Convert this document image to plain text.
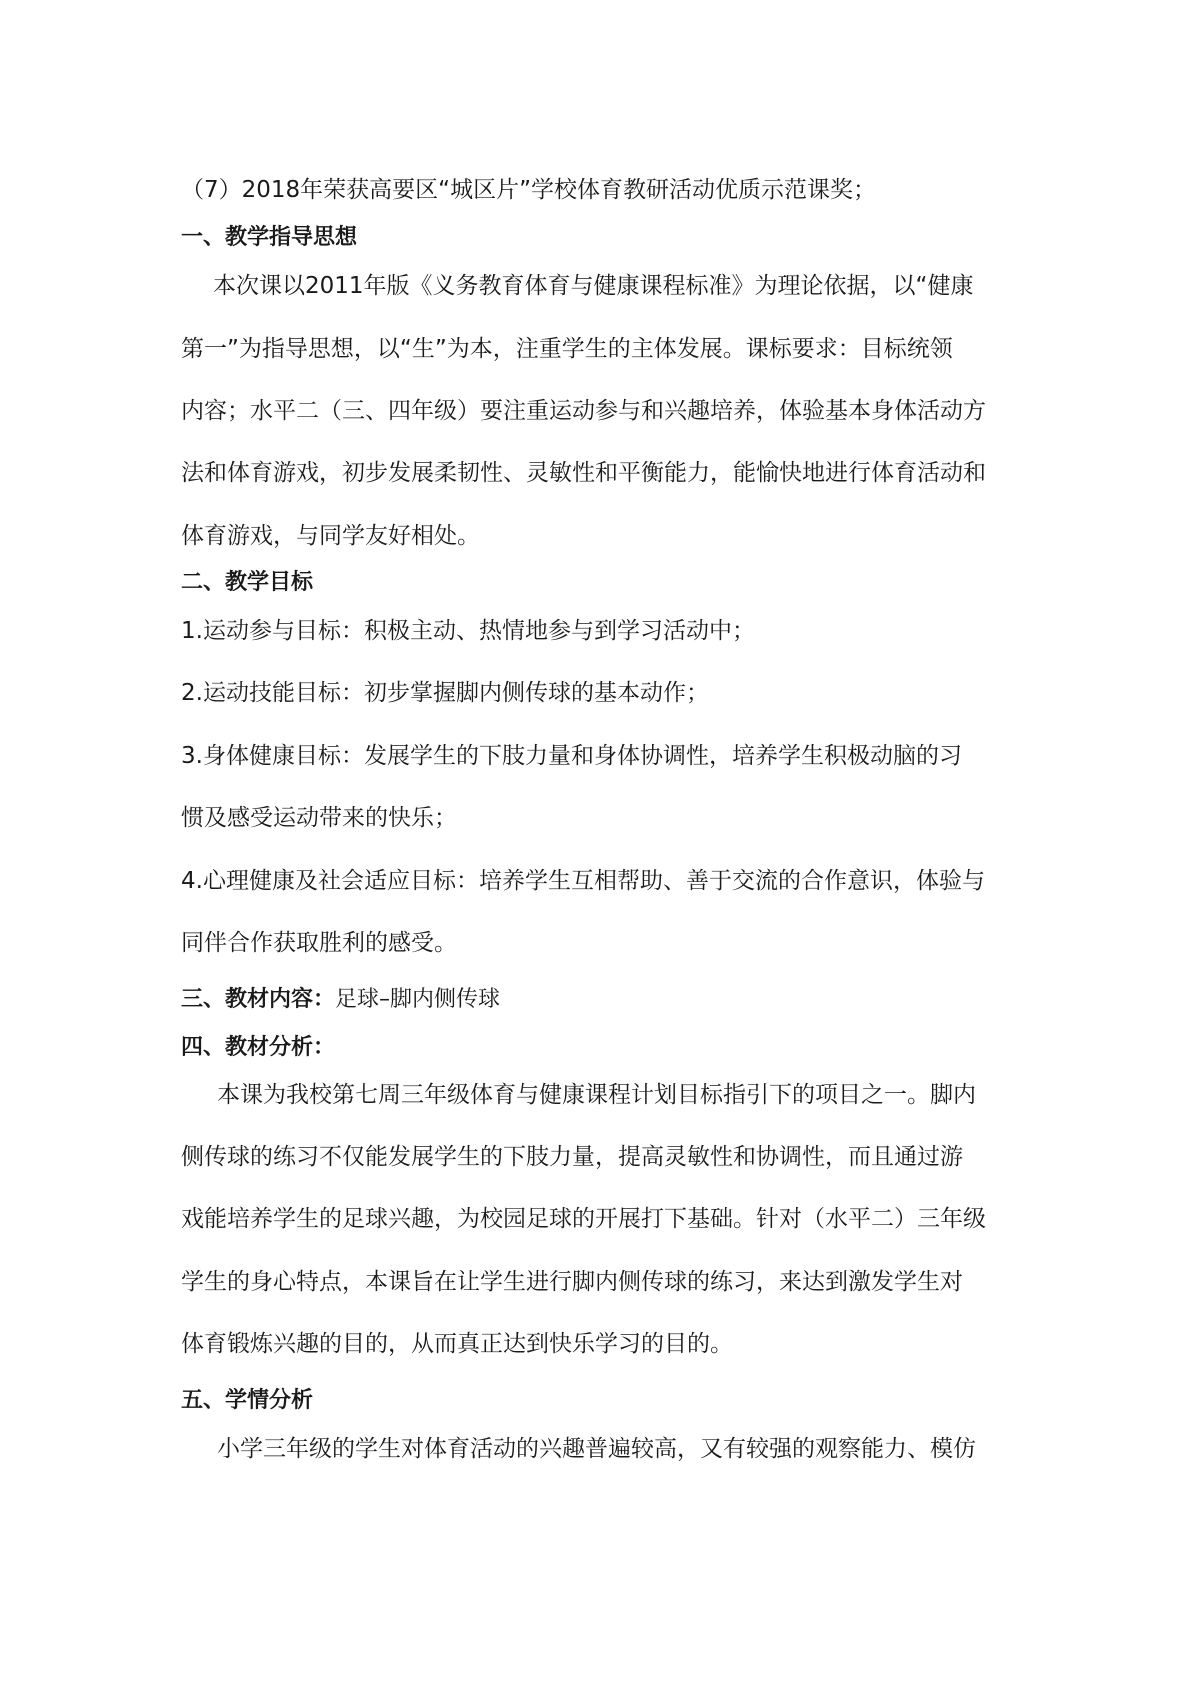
（7）2018年荣获高要区“城区片”学校体育教研活动优质示范课奖；
一、教学指导思想
本次课以2011年版《义务教育体育与健康课程标准》为理论依据，以“健康
第一”为指导思想，以“生”为本，注重学生的主体发展。课标要求：目标统领
内容；水平二（三、四年级）要注重运动参与和兴趣培养，体验基本身体活动方
法和体育游戏，初步发展柔韧性、灵敏性和平衡能力，能愉快地进行体育活动和
体育游戏，与同学友好相处。
二、教学目标
1.运动参与目标：积极主动、热情地参与到学习活动中；
2.运动技能目标：初步掌握脚内侧传球的基本动作；
3.身体健康目标：发展学生的下肢力量和身体协调性，培养学生积极动脑的习
惯及感受运动带来的快乐；
4.心理健康及社会适应目标：培养学生互相帮助、善于交流的合作意识，体验与
同伴合作获取胜利的感受。
三、教材内容：足球–脚内侧传球
四、教材分析：
本课为我校第七周三年级体育与健康课程计划目标指引下的项目之一。脚内
侧传球的练习不仅能发展学生的下肢力量，提高灵敏性和协调性，而且通过游
戏能培养学生的足球兴趣，为校园足球的开展打下基础。针对（水平二）三年级
学生的身心特点，本课旨在让学生进行脚内侧传球的练习，来达到激发学生对
体育锻炼兴趣的目的，从而真正达到快乐学习的目的。
五、学情分析
小学三年级的学生对体育活动的兴趣普遍较高，又有较强的观察能力、模仿
